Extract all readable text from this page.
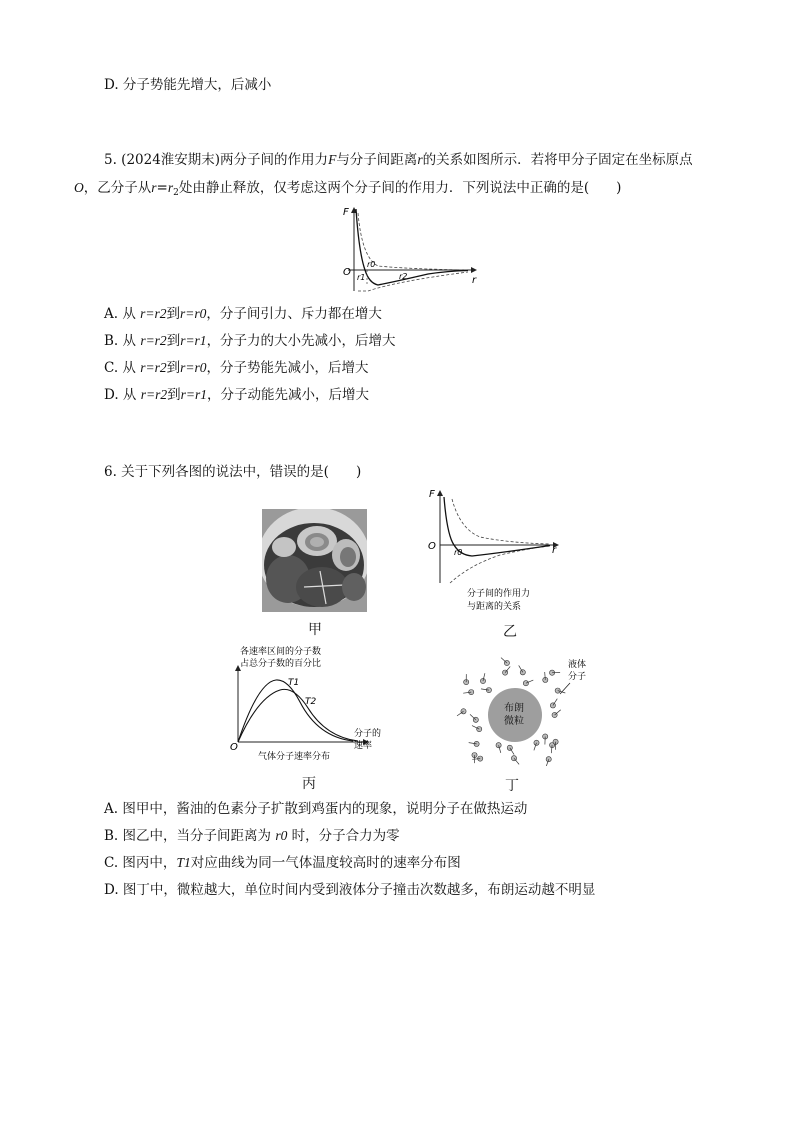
D. 分子势能先增大，后减小
5. (2024淮安期末)两分子间的作用力F与分子间距离r的关系如图所示．若将甲分子固定在坐标原点
O，乙分子从$r=r_2$处由静止释放，仅考虑这两个分子间的作用力．下列说法中正确的是(　　)
F
r
O
r0
r1	r2
A. 从 r=r2到r=r0，分子间引力、斥力都在增大
B. 从 r=r2到r=r1，分子力的大小先减小，后增大
C. 从 r=r2到r=r0，分子势能先减小，后增大
D. 从 r=r2到r=r1，分子动能先减小，后增大
6. 关于下列各图的说法中，错误的是(　　)
甲
F
O
r0	r
分子间的作用力
与距离的关系
乙
各速率区间的分子数
占总分子数的百分比
T1
T2
分子的
速率
O
气体分子速率分布
丙
布朗
微粒
液体
分子
丁
A. 图甲中，酱油的色素分子扩散到鸡蛋内的现象，说明分子在做热运动
B. 图乙中，当分子间距离为 r0 时，分子合力为零
C. 图丙中，T1对应曲线为同一气体温度较高时的速率分布图
D. 图丁中，微粒越大，单位时间内受到液体分子撞击次数越多，布朗运动越不明显
